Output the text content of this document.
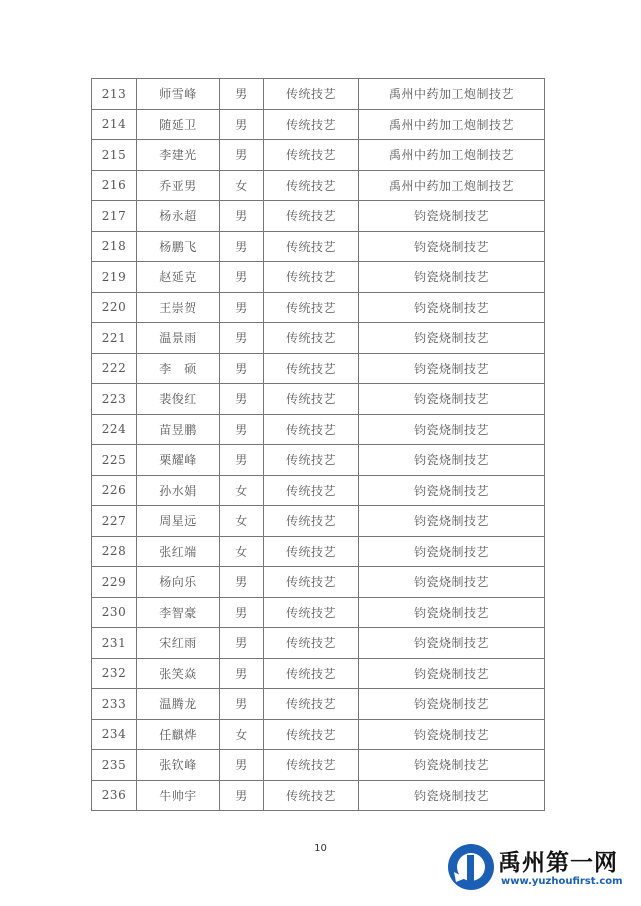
213	师雪峰	男	传统技艺	禹州中药加工炮制技艺
214	随延卫	男	传统技艺	禹州中药加工炮制技艺
215	李建光	男	传统技艺	禹州中药加工炮制技艺
216	乔亚男	女	传统技艺	禹州中药加工炮制技艺
217	杨永超	男	传统技艺	钧瓷烧制技艺
218	杨鹏飞	男	传统技艺	钧瓷烧制技艺
219	赵延克	男	传统技艺	钧瓷烧制技艺
220	王崇贺	男	传统技艺	钧瓷烧制技艺
221	温景雨	男	传统技艺	钧瓷烧制技艺
222	李　硕	男	传统技艺	钧瓷烧制技艺
223	裴俊红	男	传统技艺	钧瓷烧制技艺
224	苗昱鹏	男	传统技艺	钧瓷烧制技艺
225	栗耀峰	男	传统技艺	钧瓷烧制技艺
226	孙水娟	女	传统技艺	钧瓷烧制技艺
227	周星远	女	传统技艺	钧瓷烧制技艺
228	张红端	女	传统技艺	钧瓷烧制技艺
229	杨向乐	男	传统技艺	钧瓷烧制技艺
230	李智豪	男	传统技艺	钧瓷烧制技艺
231	宋红雨	男	传统技艺	钧瓷烧制技艺
232	张笑焱	男	传统技艺	钧瓷烧制技艺
233	温腾龙	男	传统技艺	钧瓷烧制技艺
234	任麒烨	女	传统技艺	钧瓷烧制技艺
235	张钦峰	男	传统技艺	钧瓷烧制技艺
236	牛帅宇	男	传统技艺	钧瓷烧制技艺
10
禹州第一网
www.yuzhoufirst.com
